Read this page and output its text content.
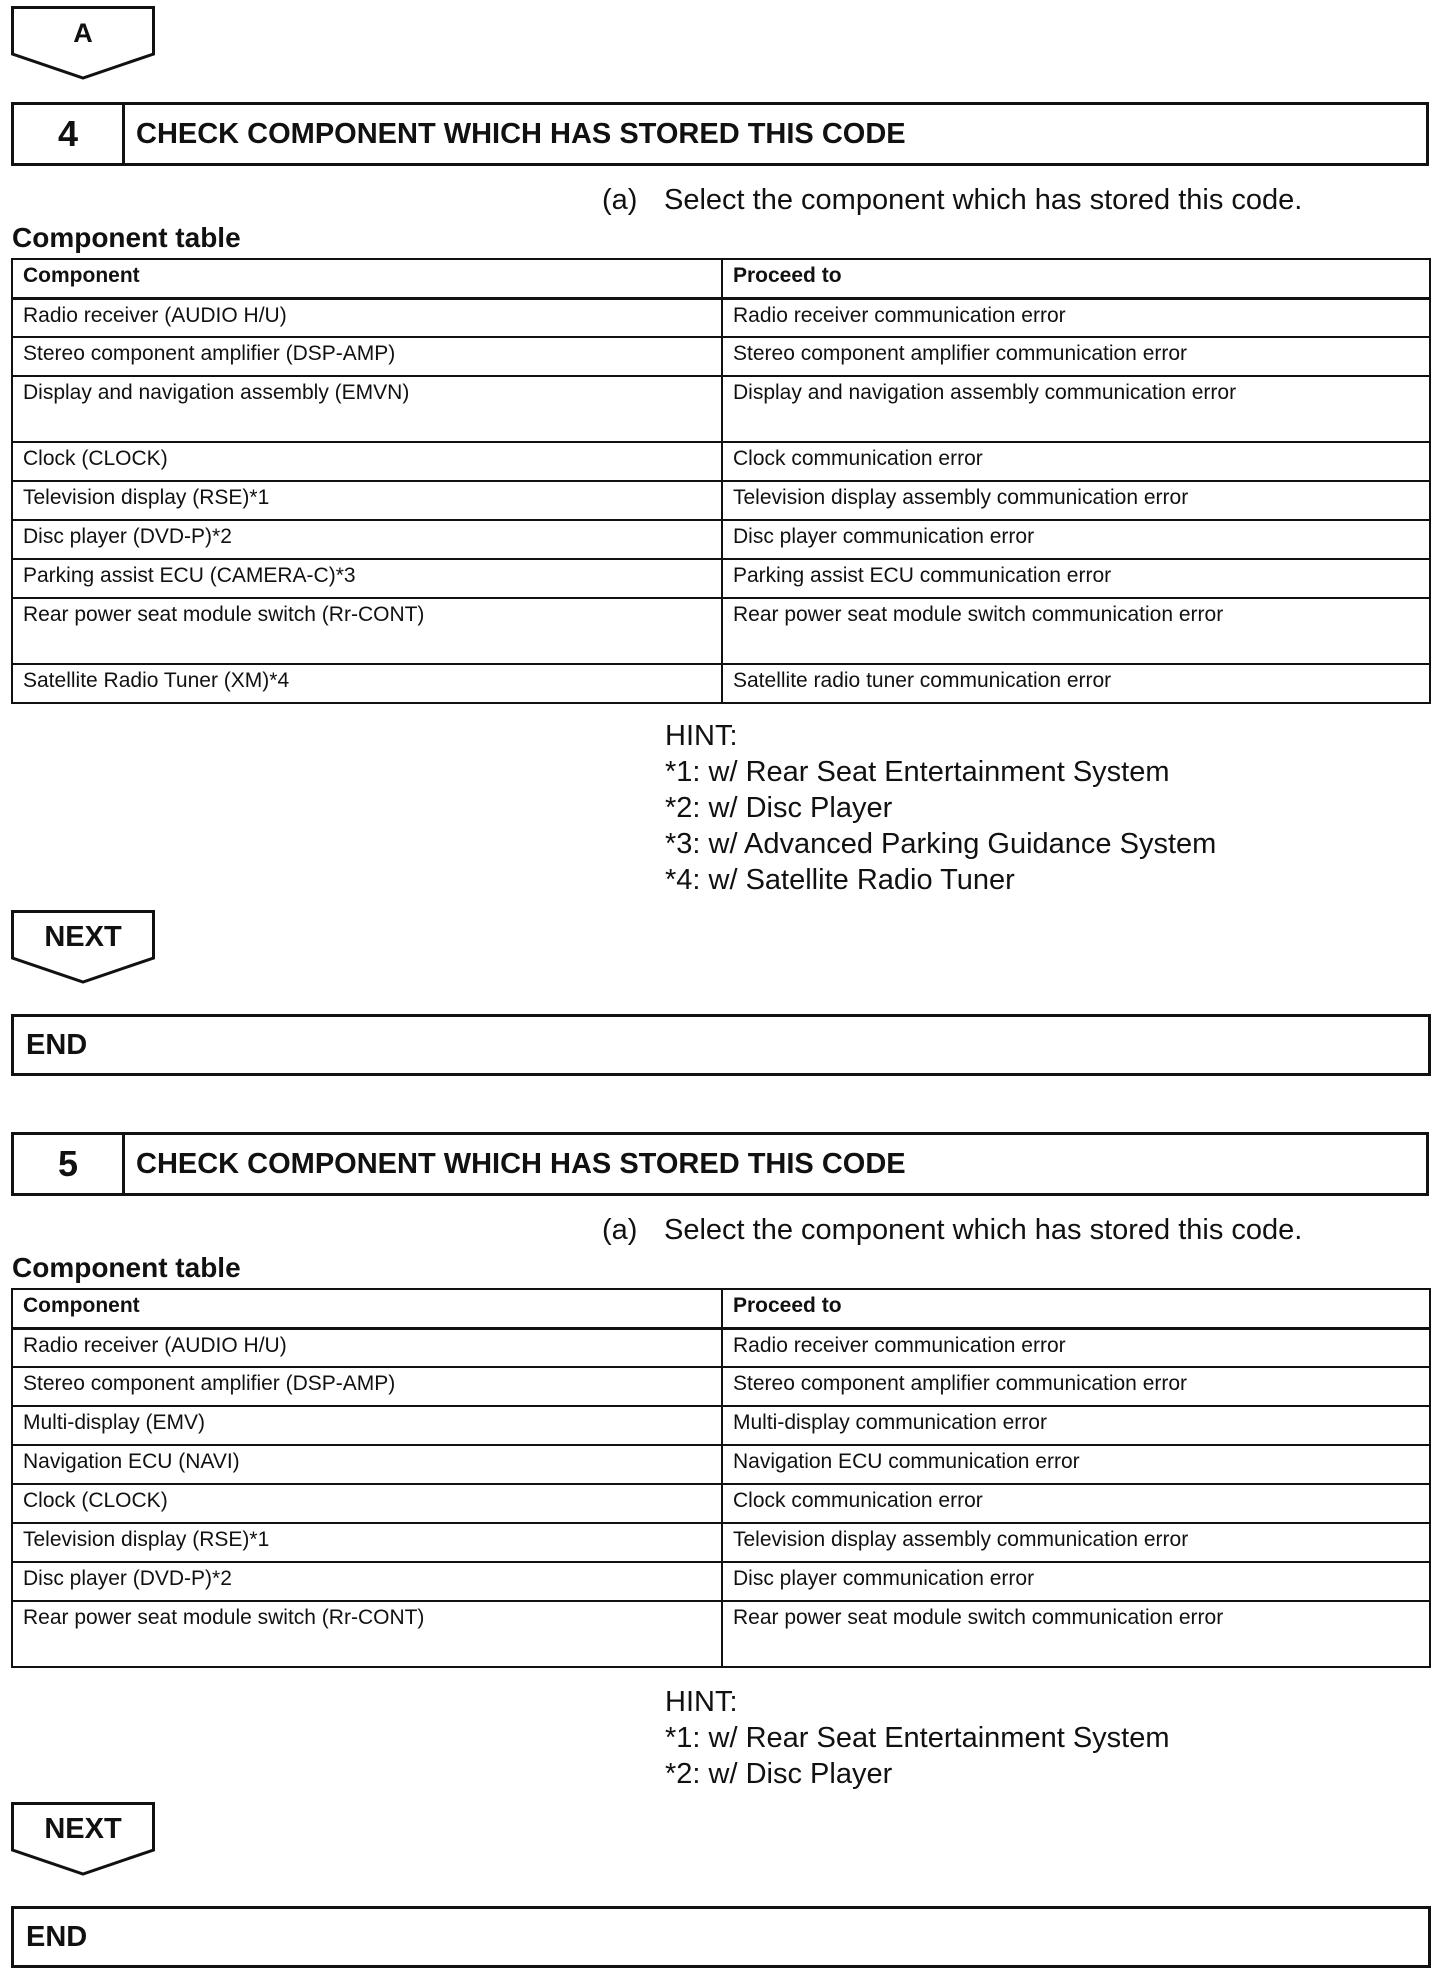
A
4	CHECK COMPONENT WHICH HAS STORED THIS CODE
(a) Select the component which has stored this code.
Component table
Component	Proceed to
Radio receiver (AUDIO H/U)	Radio receiver communication error
Stereo component amplifier (DSP-AMP)	Stereo component amplifier communication error
Display and navigation assembly (EMVN)	Display and navigation assembly communication error
Clock (CLOCK)	Clock communication error
Television display (RSE)*1	Television display assembly communication error
Disc player (DVD-P)*2	Disc player communication error
Parking assist ECU (CAMERA-C)*3	Parking assist ECU communication error
Rear power seat module switch (Rr-CONT)	Rear power seat module switch communication error
Satellite Radio Tuner (XM)*4	Satellite radio tuner communication error
HINT:
*1: w/ Rear Seat Entertainment System
*2: w/ Disc Player
*3: w/ Advanced Parking Guidance System
*4: w/ Satellite Radio Tuner
NEXT
END
5	CHECK COMPONENT WHICH HAS STORED THIS CODE
(a) Select the component which has stored this code.
Component table
Component	Proceed to
Radio receiver (AUDIO H/U)	Radio receiver communication error
Stereo component amplifier (DSP-AMP)	Stereo component amplifier communication error
Multi-display (EMV)	Multi-display communication error
Navigation ECU (NAVI)	Navigation ECU communication error
Clock (CLOCK)	Clock communication error
Television display (RSE)*1	Television display assembly communication error
Disc player (DVD-P)*2	Disc player communication error
Rear power seat module switch (Rr-CONT)	Rear power seat module switch communication error
HINT:
*1: w/ Rear Seat Entertainment System
*2: w/ Disc Player
NEXT
END
